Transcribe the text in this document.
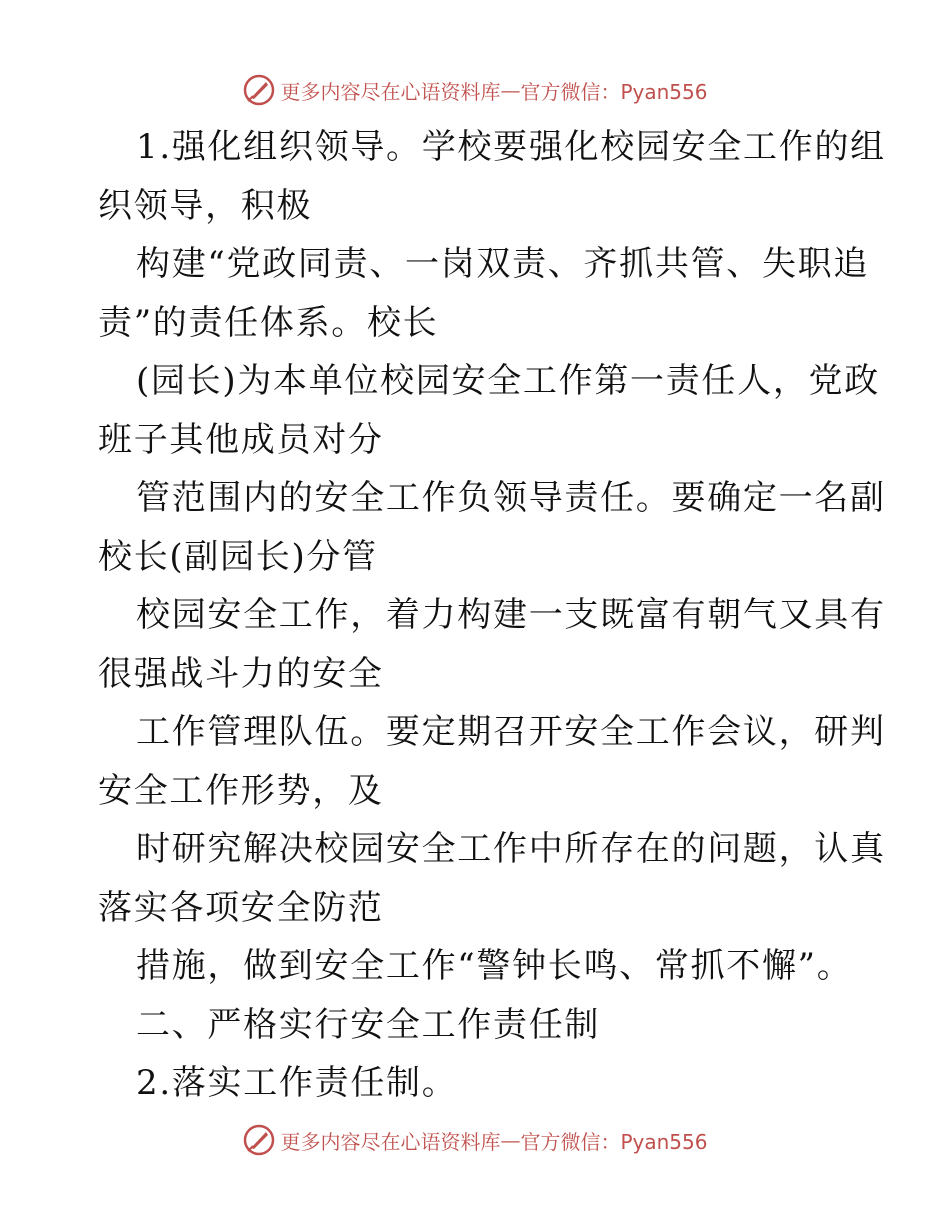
更多内容尽在心语资料库 — 官方微信：Pyan556
1.强化组织领导。学校要强化校园安全工作的组
织领导，积极
构建“党政同责、一岗双责、齐抓共管、失职追
责”的责任体系。校长
(园长)为本单位校园安全工作第一责任人，党政
班子其他成员对分
管范围内的安全工作负领导责任。要确定一名副
校长(副园长)分管
校园安全工作，着力构建一支既富有朝气又具有
很强战斗力的安全
工作管理队伍。要定期召开安全工作会议，研判
安全工作形势，及
时研究解决校园安全工作中所存在的问题，认真
落实各项安全防范
措施，做到安全工作“警钟长鸣、常抓不懈”。
二、严格实行安全工作责任制
2.落实工作责任制。
更多内容尽在心语资料库 — 官方微信：Pyan556
